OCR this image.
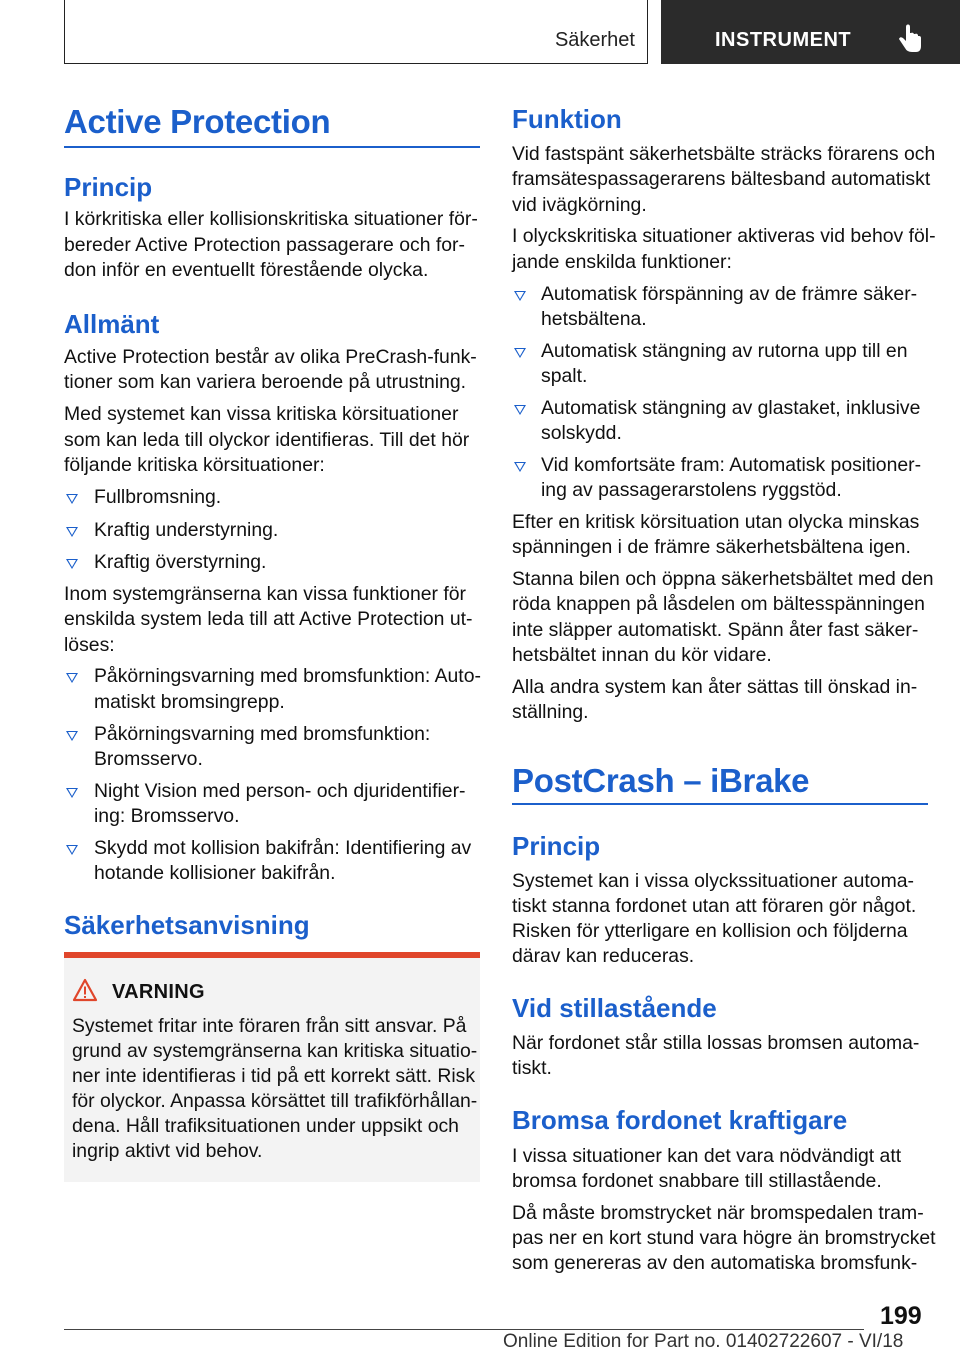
Säkerhet	INSTRUMENT
Active Protection
Princip
I körkritiska eller kollisionskritiska situationer för-
bereder Active Protection passagerare och for-
don inför en eventuellt förestående olycka.
Allmänt
Active Protection består av olika PreCrash-funk-
tioner som kan variera beroende på utrustning.
Med systemet kan vissa kritiska körsituationer
som kan leda till olyckor identifieras. Till det hör
följande kritiska körsituationer:
Fullbromsning.
Kraftig understyrning.
Kraftig överstyrning.
Inom systemgränserna kan vissa funktioner för
enskilda system leda till att Active Protection ut-
löses:
Påkörningsvarning med bromsfunktion: Auto-
matiskt bromsingrepp.
Påkörningsvarning med bromsfunktion:
Bromsservo.
Night Vision med person- och djuridentifier-
ing: Bromsservo.
Skydd mot kollision bakifrån: Identifiering av
hotande kollisioner bakifrån.
Säkerhetsanvisning
VARNING
Systemet fritar inte föraren från sitt ansvar. På
grund av systemgränserna kan kritiska situatio-
ner inte identifieras i tid på ett korrekt sätt. Risk
för olyckor. Anpassa körsättet till trafikförhållan-
dena. Håll trafiksituationen under uppsikt och
ingrip aktivt vid behov.
Funktion
Vid fastspänt säkerhetsbälte sträcks förarens och
framsätespassagerarens bältesband automatiskt
vid ivägkörning.
I olyckskritiska situationer aktiveras vid behov föl-
jande enskilda funktioner:
Automatisk förspänning av de främre säker-
hetsbältena.
Automatisk stängning av rutorna upp till en
spalt.
Automatisk stängning av glastaket, inklusive
solskydd.
Vid komfortsäte fram: Automatisk positioner-
ing av passagerarstolens ryggstöd.
Efter en kritisk körsituation utan olycka minskas
spänningen i de främre säkerhetsbältena igen.
Stanna bilen och öppna säkerhetsbältet med den
röda knappen på låsdelen om bältesspänningen
inte släpper automatiskt. Spänn åter fast säker-
hetsbältet innan du kör vidare.
Alla andra system kan åter sättas till önskad in-
ställning.
PostCrash – iBrake
Princip
Systemet kan i vissa olyckssituationer automa-
tiskt stanna fordonet utan att föraren gör något.
Risken för ytterligare en kollision och följderna
därav kan reduceras.
Vid stillastående
När fordonet står stilla lossas bromsen automa-
tiskt.
Bromsa fordonet kraftigare
I vissa situationer kan det vara nödvändigt att
bromsa fordonet snabbare till stillastående.
Då måste bromstrycket när bromspedalen tram-
pas ner en kort stund vara högre än bromstrycket
som genereras av den automatiska bromsfunk-
199
Online Edition for Part no. 01402722607 - VI/18
